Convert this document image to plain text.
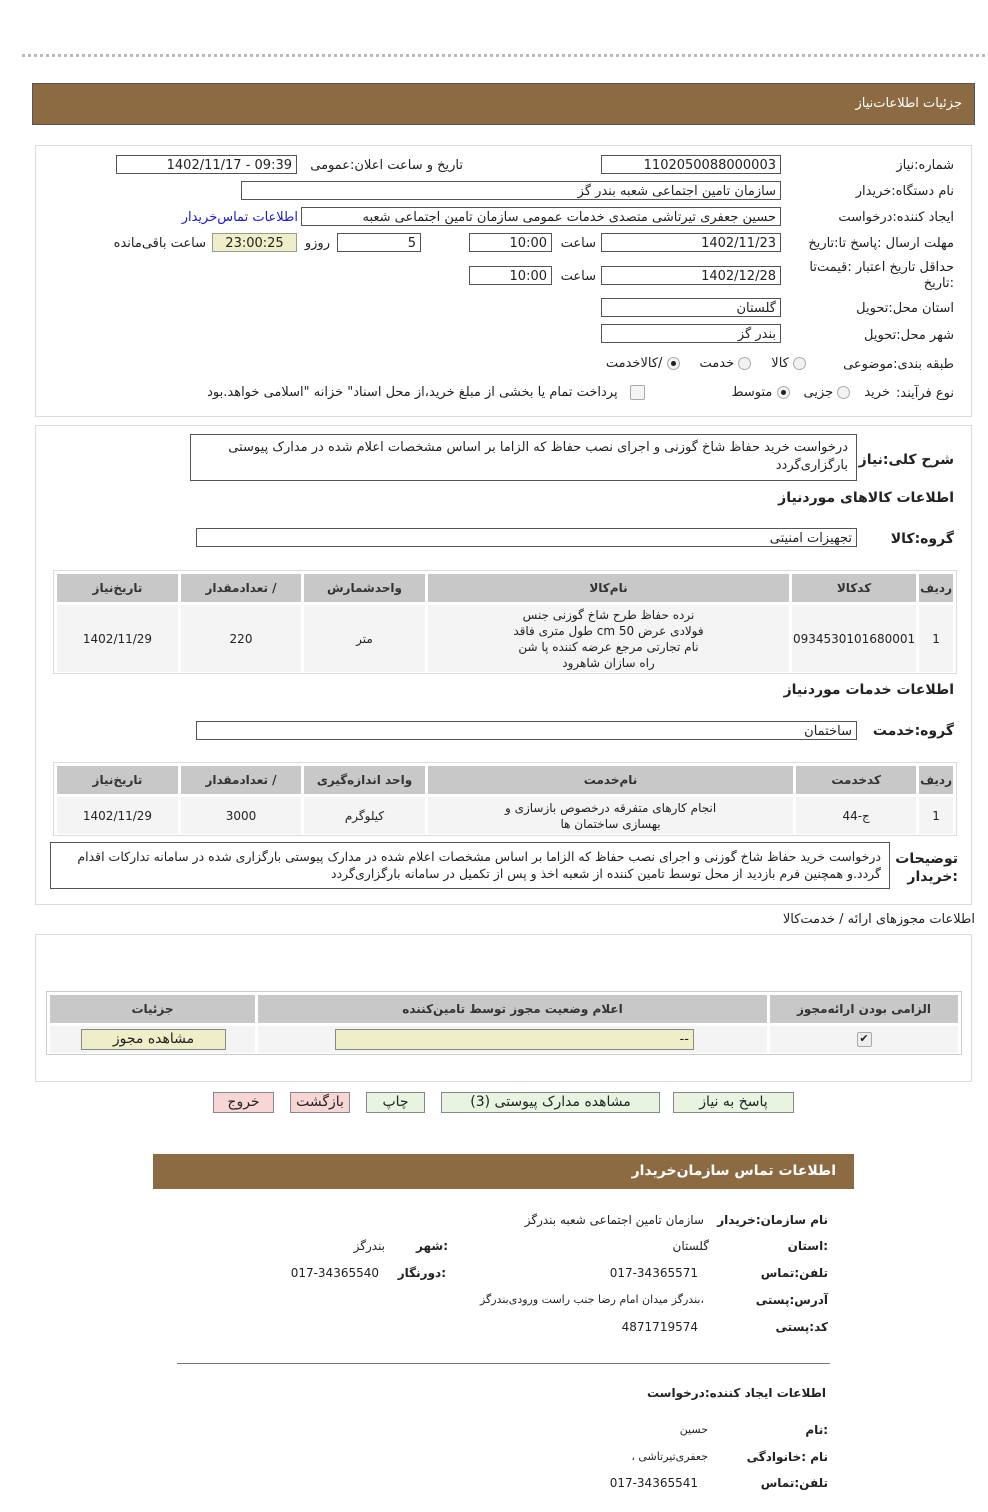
جزئیات اطلاعات‌نیاز
شماره:نیاز
1102050088000003
تاریخ و ساعت اعلان:عمومی
1402/11/17 - 09:39
نام دستگاه:خریدار
سازمان تامین اجتماعی شعبه بندر گز
ایجاد کننده:درخواست
حسین جعفری تیرتاشی متصدی خدمات عمومی سازمان تامین اجتماعی شعبه
اطلاعات تماس‌خریدار
مهلت ارسال :پاسخ تا:تاریخ
1402/11/23
ساعت
10:00
5
روزو
23:00:25
ساعت باقی‌مانده
حداقل تاریخ اعتبار :قیمت‌تا :تاریخ
1402/12/28
ساعت
10:00
استان محل:تحویل
گلستان
شهر محل:تحویل
بندر گز
طبقه بندی:موضوعی
کالا
خدمت
/کالاخدمت
نوع فرآیند:
خرید
جزیی
متوسط
پرداخت تمام یا بخشی از مبلغ خرید،از محل اسناد" خزانه "اسلامی خواهد.بود
شرح کلی:نیاز
درخواست خرید حفاظ شاخ گوزنی و اجرای نصب حفاظ که الزاما بر اساس مشخصات اعلام شده در مدارک پیوستی بارگزاری‌گردد
اطلاعات کالاهای موردنیاز
گروه:کالا
تجهیزات امنیتی
ردیف	کدکالا	نام‌کالا	واحدشمارش	/ تعدادمقدار	تاریخ‌نیاز
1	0934530101680001	نرده حفاظ طرح شاخ گوزنی جنس فولادی عرض 50 cm طول متری فاقد نام تجارتی مرجع عرضه کننده پا شن راه سازان شاهرود	متر	220	1402/11/29
اطلاعات خدمات موردنیاز
گروه:خدمت
ساختمان
ردیف	کدخدمت	نام‌خدمت	واحد اندازه‌گیری	/ تعدادمقدار	تاریخ‌نیاز
1	ج-44	انجام کارهای متفرقه درخصوص بازسازی و بهسازی ساختمان ها	کیلوگرم	3000	1402/11/29
توضیحات :خریدار
درخواست خرید حفاظ شاخ گوزنی و اجرای نصب حفاظ که الزاما بر اساس مشخصات اعلام شده در مدارک پیوستی بارگزاری شده در سامانه تدارکات اقدام گردد.و همچنین فرم بازدید از محل توسط تامین کننده از شعبه اخذ و پس از تکمیل در سامانه بارگزاری‌گردد
اطلاعات مجوزهای ارائه / خدمت‌کالا
الزامی بودن ارائه‌مجوز	اعلام وضعیت مجوز توسط تامین‌کننده	جزئیات
✔	--	مشاهده مجوز
پاسخ به نیاز
مشاهده مدارک پیوستی (3)
چاپ
بازگشت
خروج
اطلاعات تماس سازمان‌خریدار
نام سازمان:خریدار
سازمان تامین اجتماعی شعبه بندرگز
:استان
گلستان
:شهر
بندرگز
تلفن:تماس
017-34365571
:دورنگار
017-34365540
آدرس:پستی
،بندرگز میدان امام رضا جنب راست ورودی‌بندرگز
کد:پستی
4871719574
اطلاعات ایجاد کننده:درخواست
:نام
حسین
نام :خانوادگی
جعفری‌تیرتاشی ،
تلفن:تماس
017-34365541
